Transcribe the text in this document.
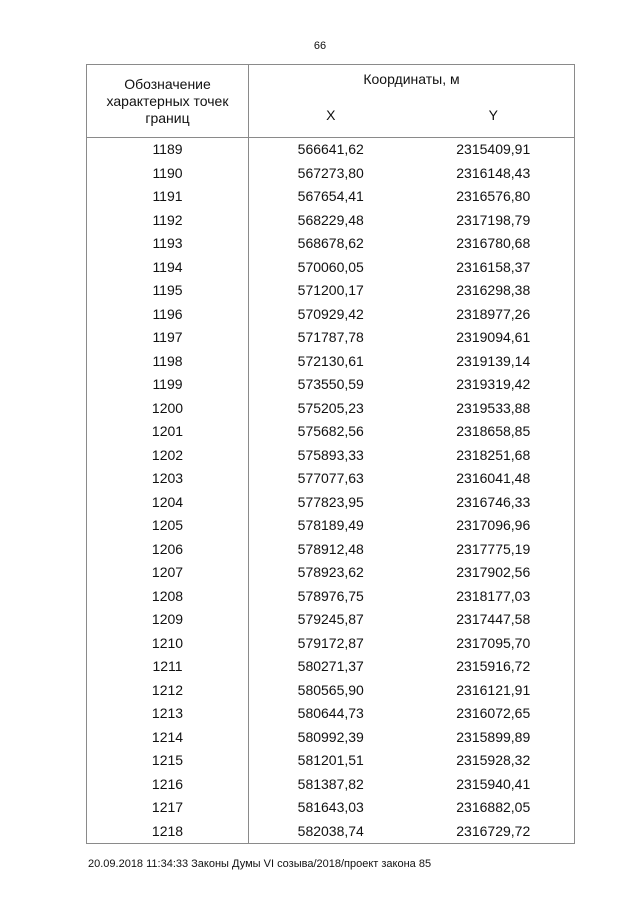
66
Обозначение характерных точек границ	Координаты, м	
	X	Y
1189	566641,62	2315409,91
1190	567273,80	2316148,43
1191	567654,41	2316576,80
1192	568229,48	2317198,79
1193	568678,62	2316780,68
1194	570060,05	2316158,37
1195	571200,17	2316298,38
1196	570929,42	2318977,26
1197	571787,78	2319094,61
1198	572130,61	2319139,14
1199	573550,59	2319319,42
1200	575205,23	2319533,88
1201	575682,56	2318658,85
1202	575893,33	2318251,68
1203	577077,63	2316041,48
1204	577823,95	2316746,33
1205	578189,49	2317096,96
1206	578912,48	2317775,19
1207	578923,62	2317902,56
1208	578976,75	2318177,03
1209	579245,87	2317447,58
1210	579172,87	2317095,70
1211	580271,37	2315916,72
1212	580565,90	2316121,91
1213	580644,73	2316072,65
1214	580992,39	2315899,89
1215	581201,51	2315928,32
1216	581387,82	2315940,41
1217	581643,03	2316882,05
1218	582038,74	2316729,72
20.09.2018 11:34:33 Законы Думы VI созыва/2018/проект закона 85
